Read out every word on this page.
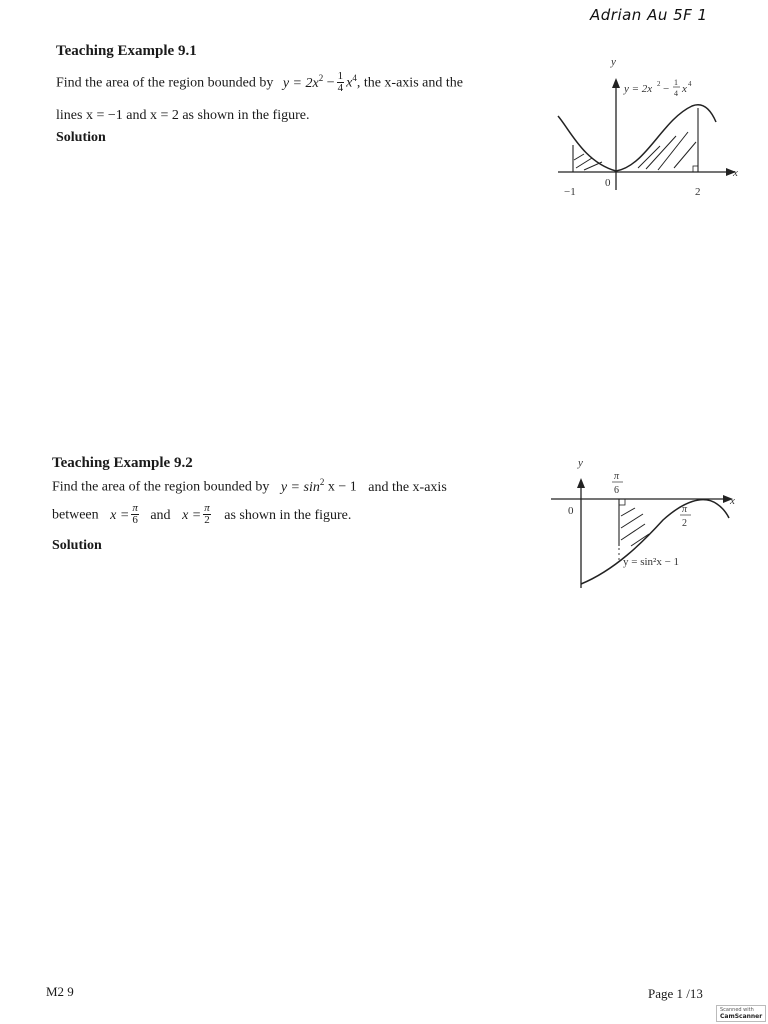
Adrian Au 5F 1
Teaching Example 9.1
Find the area of the region bounded by $y = 2x^2 - \frac{1}{4} x^4$, the x-axis and the
lines x = −1 and x = 2 as shown in the figure.
Solution
y
x
0
−1	2
y = 2x 2 −
1
4 x 4
Teaching Example 9.2
Find the area of the region bounded by $y = \sin^2 x - 1$ and the x-axis
between $x = \frac{\pi}{6}$ and $x = \frac{\pi}{2}$ as shown in the figure.
Solution
y
x
0
π
6
π
2
y = sin²x − 1
M2 9	Page 1 /13
Scanned with
CamScanner
